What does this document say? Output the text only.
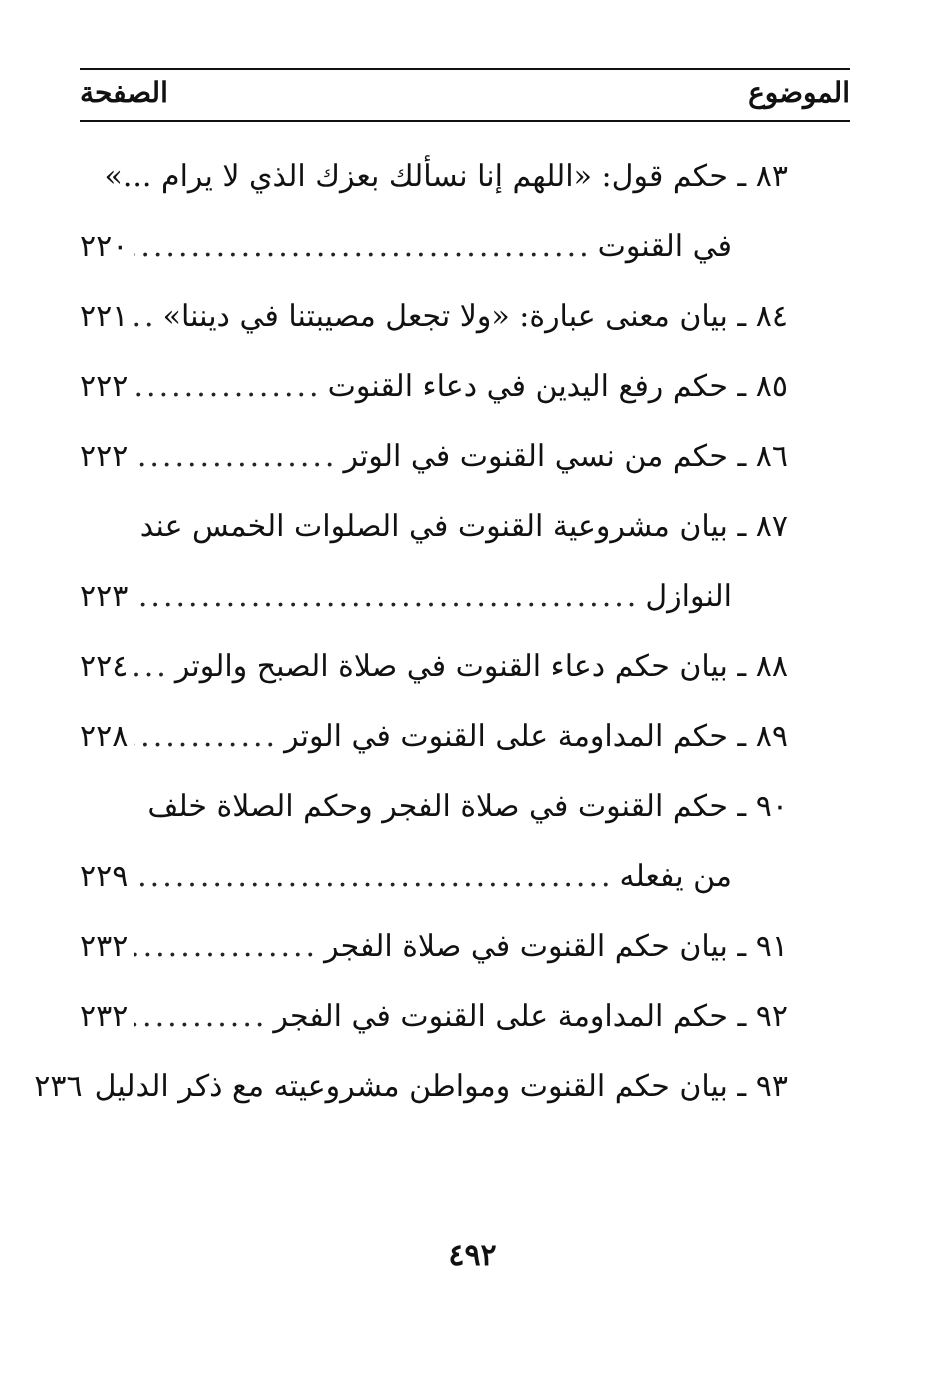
الموضوع
الصفحة
٨٣ ـ حكم قول: «اللهم إنا نسألك بعزك الذي لا يرام ...»
في القنوت
.....
٢٢٠
٨٤ ـ بيان معنى عبارة: «ولا تجعل مصيبتنا في ديننا»
.....
٢٢١
٨٥ ـ حكم رفع اليدين في دعاء القنوت
.....
٢٢٢
٨٦ ـ حكم من نسي القنوت في الوتر
.....
٢٢٢
٨٧ ـ بيان مشروعية القنوت في الصلوات الخمس عند
النوازل
.....
٢٢٣
٨٨ ـ بيان حكم دعاء القنوت في صلاة الصبح والوتر
.....
٢٢٤
٨٩ ـ حكم المداومة على القنوت في الوتر
.....
٢٢٨
٩٠ ـ حكم القنوت في صلاة الفجر وحكم الصلاة خلف
من يفعله
.....
٢٢٩
٩١ ـ بيان حكم القنوت في صلاة الفجر
.....
٢٣٢
٩٢ ـ حكم المداومة على القنوت في الفجر
.....
٢٣٢
٩٣ ـ بيان حكم القنوت ومواطن مشروعيته مع ذكر الدليل
٢٣٦
٤٩٢
